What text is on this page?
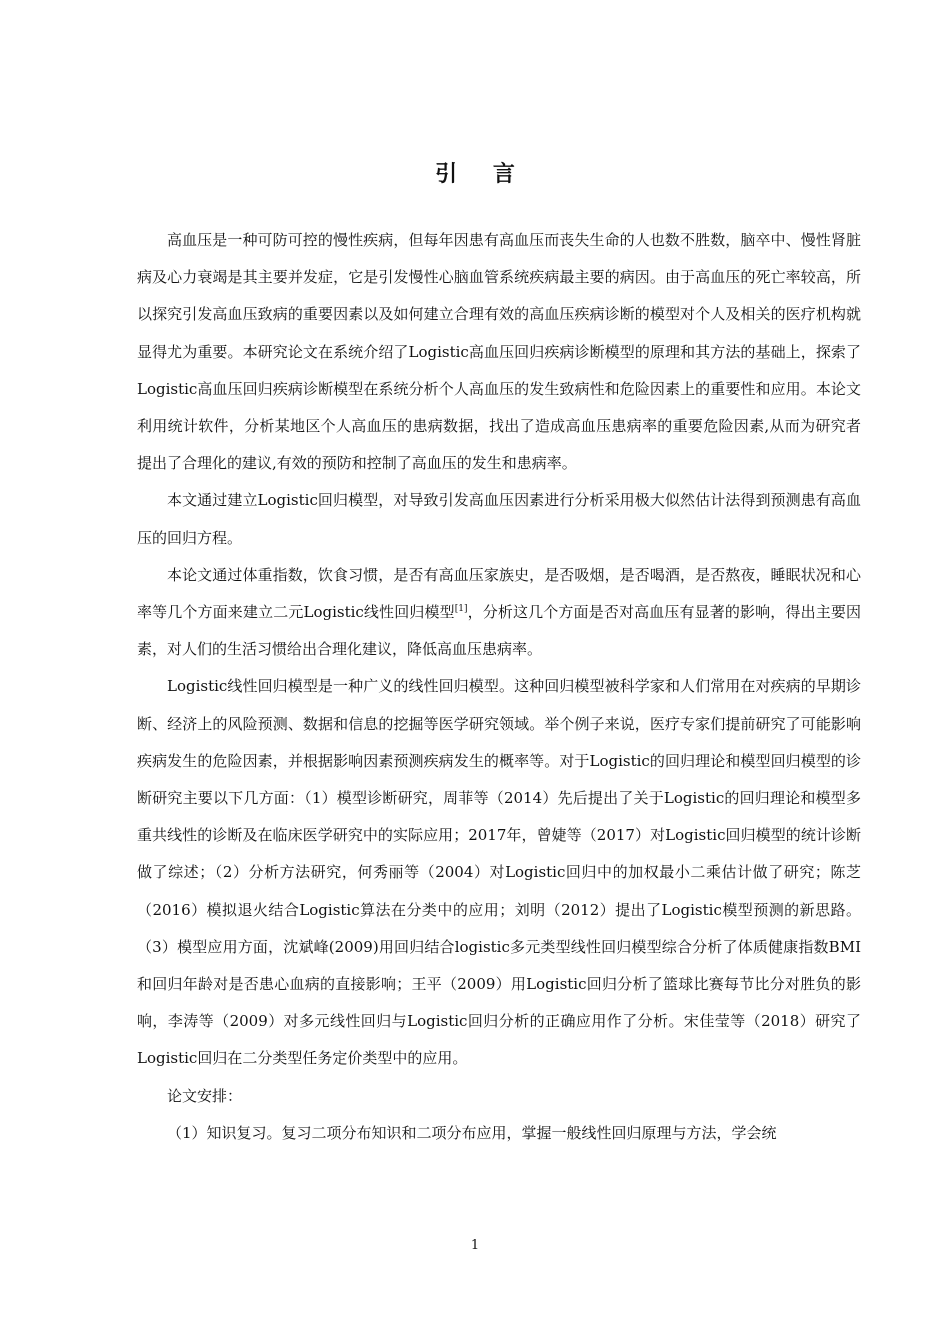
引 言

高血压是一种可防可控的慢性疾病，但每年因患有高血压而丧失生命的人也数不胜数，脑卒中、慢性肾脏病及心力衰竭是其主要并发症，它是引发慢性心脑血管系统疾病最主要的病因。由于高血压的死亡率较高，所以探究引发高血压致病的重要因素以及如何建立合理有效的高血压疾病诊断的模型对个人及相关的医疗机构就显得尤为重要。本研究论文在系统介绍了Logistic高血压回归疾病诊断模型的原理和其方法的基础上，探索了Logistic高血压回归疾病诊断模型在系统分析个人高血压的发生致病性和危险因素上的重要性和应用。本论文利用统计软件，分析某地区个人高血压的患病数据，找出了造成高血压患病率的重要危险因素,从而为研究者提出了合理化的建议,有效的预防和控制了高血压的发生和患病率。

本文通过建立Logistic回归模型，对导致引发高血压因素进行分析采用极大似然估计法得到预测患有高血压的回归方程。

本论文通过体重指数，饮食习惯，是否有高血压家族史，是否吸烟，是否喝酒，是否熬夜，睡眠状况和心率等几个方面来建立二元Logistic线性回归模型[1]，分析这几个方面是否对高血压有显著的影响，得出主要因素，对人们的生活习惯给出合理化建议，降低高血压患病率。

Logistic线性回归模型是一种广义的线性回归模型。这种回归模型被科学家和人们常用在对疾病的早期诊断、经济上的风险预测、数据和信息的挖掘等医学研究领域。举个例子来说，医疗专家们提前研究了可能影响疾病发生的危险因素，并根据影响因素预测疾病发生的概率等。对于Logistic的回归理论和模型回归模型的诊断研究主要以下几方面：（1）模型诊断研究，周菲等（2014）先后提出了关于Logistic的回归理论和模型多重共线性的诊断及在临床医学研究中的实际应用；2017年，曾婕等（2017）对Logistic回归模型的统计诊断做了综述；（2）分析方法研究，何秀丽等（2004）对Logistic回归中的加权最小二乘估计做了研究；陈芝（2016）模拟退火结合Logistic算法在分类中的应用；刘明（2012）提出了Logistic模型预测的新思路。（3）模型应用方面，沈斌峰(2009)用回归结合logistic多元类型线性回归模型综合分析了体质健康指数BMI和回归年龄对是否患心血病的直接影响；王平（2009）用Logistic回归分析了篮球比赛每节比分对胜负的影响，李涛等（2009）对多元线性回归与Logistic回归分析的正确应用作了分析。宋佳莹等（2018）研究了Logistic回归在二分类型任务定价类型中的应用。

论文安排：

（1）知识复习。复习二项分布知识和二项分布应用，掌握一般线性回归原理与方法，学会统

1
